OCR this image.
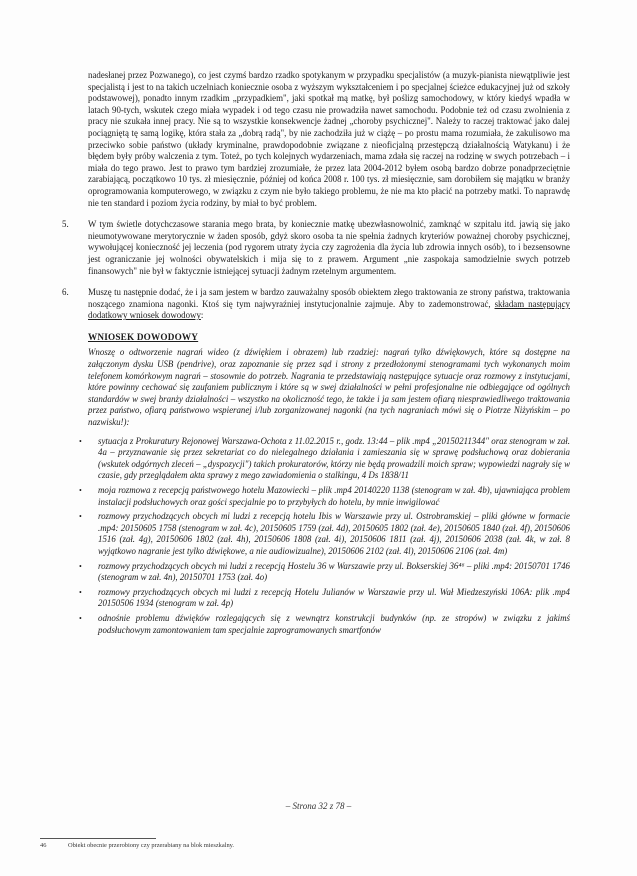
nadesłanej przez Pozwanego), co jest czymś bardzo rzadko spotykanym w przypadku specjalistów (a muzyk-pianista niewątpliwie jest specjalistą i jest to na takich uczelniach koniecznie osoba z wyższym wykształceniem i po specjalnej ścieżce edukacyjnej już od szkoły podstawowej), ponadto innym rzadkim „przypadkiem", jaki spotkał mą matkę, był poślizg samochodowy, w który kiedyś wpadła w latach 90-tych, wskutek czego miała wypadek i od tego czasu nie prowadziła nawet samochodu. Podobnie też od czasu zwolnienia z pracy nie szukała innej pracy. Nie są to wszystkie konsekwencje żadnej „choroby psychicznej". Należy to raczej traktować jako dalej pociągniętą tę samą logikę, która stała za „dobrą radą", by nie zachodziła już w ciążę – po prostu mama rozumiała, że zakulisowo ma przeciwko sobie państwo (układy kryminalne, prawdopodobnie związane z nieoficjalną przestępczą działalnością Watykanu) i że błędem były próby walczenia z tym. Toteż, po tych kolejnych wydarzeniach, mama zdała się raczej na rodzinę w swych potrzebach – i miała do tego prawo. Jest to prawo tym bardziej zrozumiałe, że przez lata 2004-2012 byłem osobą bardzo dobrze ponadprzeciętnie zarabiającą, początkowo 10 tys. zł miesięcznie, później od końca 2008 r. 100 tys. zł miesięcznie, sam dorobiłem się majątku w branży oprogramowania komputerowego, w związku z czym nie było takiego problemu, że nie ma kto płacić na potrzeby matki. To naprawdę nie ten standard i poziom życia rodziny, by miał to być problem.

5. W tym świetle dotychczasowe starania mego brata, by koniecznie matkę ubezwłasnowolnić, zamknąć w szpitalu itd. jawią się jako nieumotywowane merytorycznie w żaden sposób, gdyż skoro osoba ta nie spełnia żadnych kryteriów poważnej choroby psychicznej, wywołującej konieczność jej leczenia (pod rygorem utraty życia czy zagrożenia dla życia lub zdrowia innych osób), to i bezsensowne jest ograniczanie jej wolności obywatelskich i mija się to z prawem. Argument „nie zaspokaja samodzielnie swych potrzeb finansowych" nie był w faktycznie istniejącej sytuacji żadnym rzetelnym argumentem.

6. Muszę tu następnie dodać, że i ja sam jestem w bardzo zauważalny sposób obiektem złego traktowania ze strony państwa, traktowania noszącego znamiona nagonki. Ktoś się tym najwyraźniej instytucjonalnie zajmuje. Aby to zademonstrować, składam następujący dodatkowy wniosek dowodowy:

WNIOSEK DOWODOWY

Wnoszę o odtworzenie nagrań wideo (z dźwiękiem i obrazem) lub rzadziej: nagrań tylko dźwiękowych, które są dostępne na załączonym dysku USB (pendrive), oraz zapoznanie się przez sąd i strony z przedłożonymi stenogramami tych wykonanych moim telefonem komórkowym nagrań – stosownie do potrzeb. Nagrania te przedstawiają następujące sytuacje oraz rozmowy z instytucjami, które powinny cechować się zaufaniem publicznym i które są w swej działalności w pełni profesjonalne nie odbiegające od ogólnych standardów w swej branży działalności – wszystko na okoliczność tego, że także i ja sam jestem ofiarą niesprawiedliwego traktowania przez państwo, ofiarą państwowo wspieranej i/lub zorganizowanej nagonki (na tych nagraniach mówi się o Piotrze Niżyńskim – po nazwisku!):

• sytuacja z Prokuratury Rejonowej Warszawa-Ochota z 11.02.2015 r., godz. 13:44 – plik .mp4 „20150211344" oraz stenogram w zał. 4a – przyznawanie się przez sekretariat co do nielegalnego działania i zamieszania się w sprawę podsłuchową oraz dobierania (wskutek odgórnych zleceń – „dyspozycji") takich prokuratorów, którzy nie będą prowadzili moich spraw; wypowiedzi nagrały się w czasie, gdy przeglądałem akta sprawy z mego zawiadomienia o stalkingu, 4 Ds 1838/11
• moja rozmowa z recepcją państwowego hotelu Mazowiecki – plik .mp4 20140220 1138 (stenogram w zał. 4b), ujawniająca problem instalacji podsłuchowych oraz gości specjalnie po to przybyłych do hotelu, by mnie inwigilować
• rozmowy przychodzących obcych mi ludzi z recepcją hotelu Ibis w Warszawie przy ul. Ostrobramskiej – pliki główne w formacie .mp4: 20150605 1758 (stenogram w zał. 4c), 20150605 1759 (zał. 4d), 20150605 1802 (zał. 4e), 20150605 1840 (zał. 4f), 20150606 1516 (zał. 4g), 20150606 1802 (zał. 4h), 20150606 1808 (zał. 4i), 20150606 1811 (zał. 4j), 20150606 2038 (zał. 4k, w zał. 8 wyjątkowo nagranie jest tylko dźwiękowe, a nie audiowizualne), 20150606 2102 (zał. 4l), 20150606 2106 (zał. 4m)
• rozmowy przychodzących obcych mi ludzi z recepcją Hostelu 36 w Warszawie przy ul. Bokserskiej 36⁴⁶ – pliki .mp4: 20150701 1746 (stenogram w zał. 4n), 20150701 1753 (zał. 4o)
• rozmowy przychodzących obcych mi ludzi z recepcją Hotelu Julianów w Warszawie przy ul. Wał Miedzeszyński 106A: plik .mp4 20150506 1934 (stenogram w zał. 4p)
• odnośnie problemu dźwięków rozlegających się z wewnątrz konstrukcji budynków (np. ze stropów) w związku z jakimś podsłuchowym zamontowaniem tam specjalnie zaprogramowanych smartfonów
– Strona 32 z 78 –
46	Obiekt obecnie przerobiony czy przerabiany na blok mieszkalny.
